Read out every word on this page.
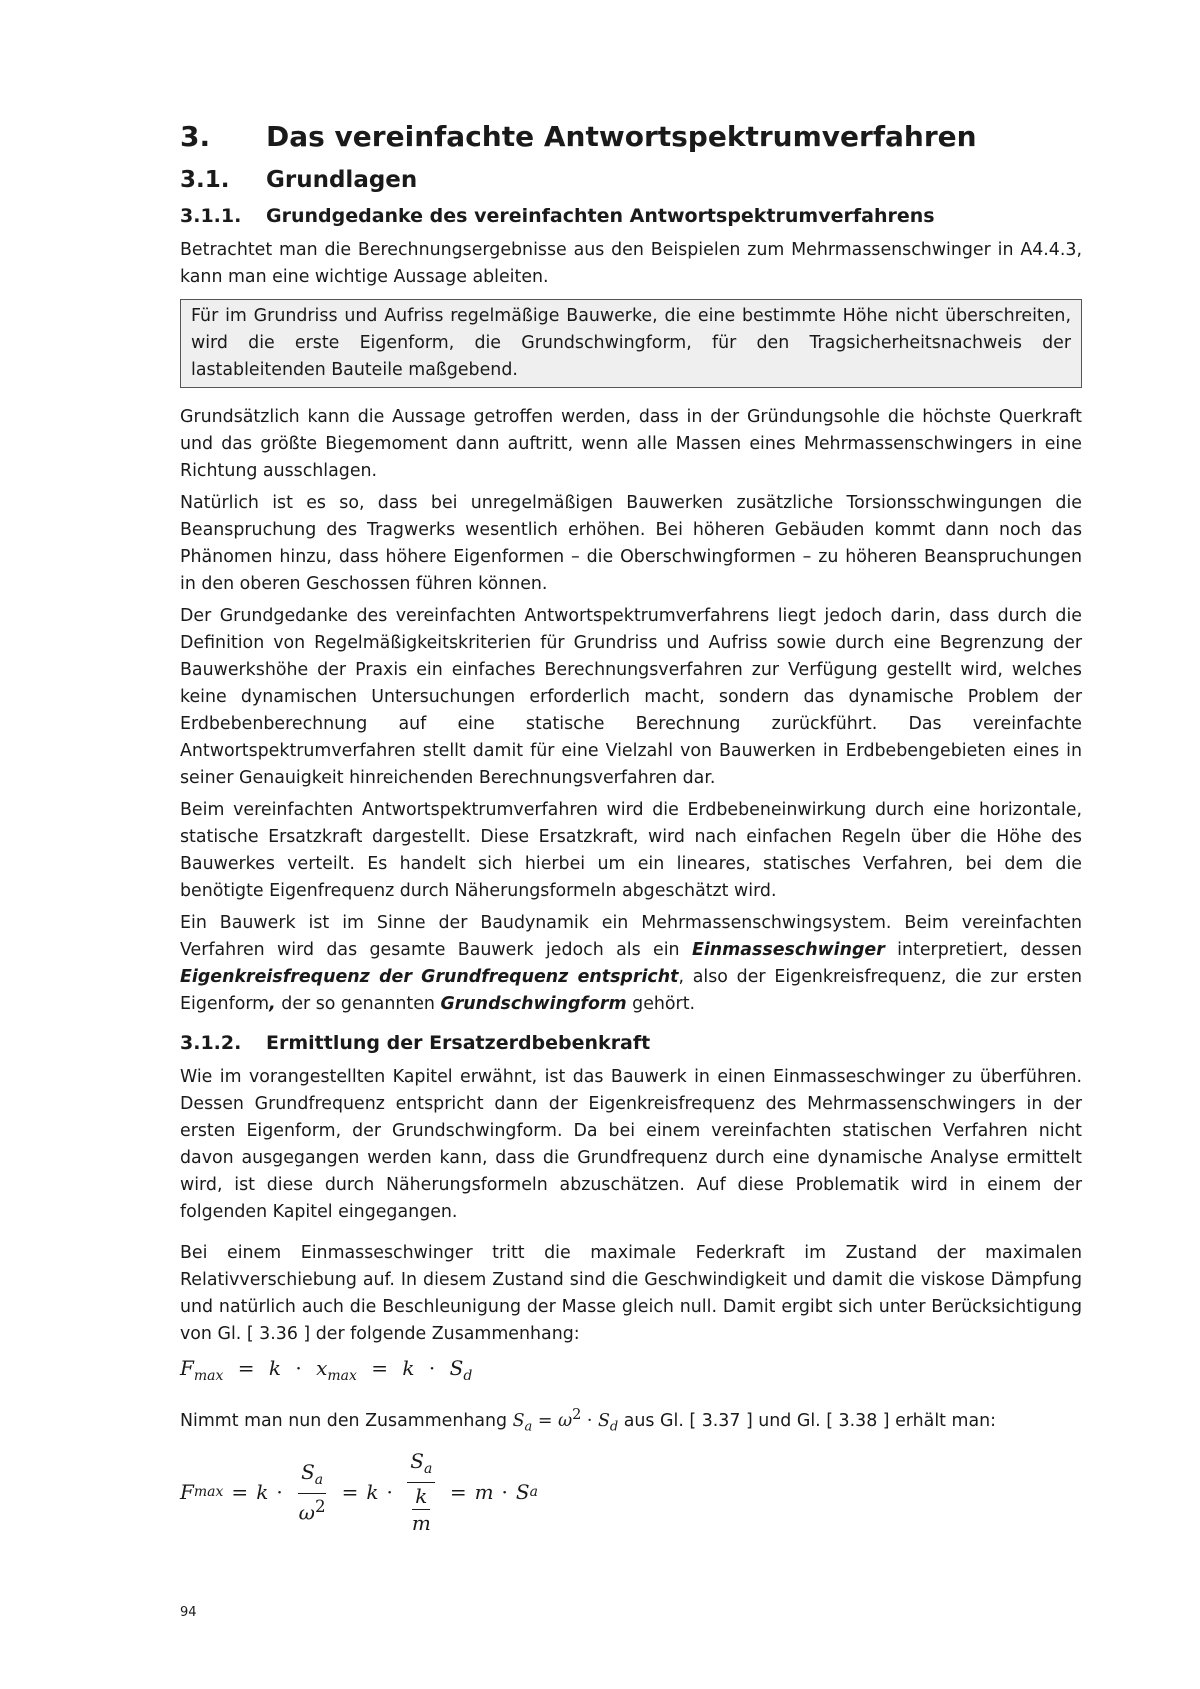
3.	Das vereinfachte Antwortspektrumverfahren
3.1.	Grundlagen
3.1.1.	Grundgedanke des vereinfachten Antwortspektrumverfahrens

Betrachtet man die Berechnungsergebnisse aus den Beispielen zum Mehrmassenschwinger in A4.4.3, kann man eine wichtige Aussage ableiten.

Für im Grundriss und Aufriss regelmäßige Bauwerke, die eine bestimmte Höhe nicht überschreiten, wird die erste Eigenform, die Grundschwingform, für den Tragsicherheitsnachweis der lastableitenden Bauteile maßgebend.

Grundsätzlich kann die Aussage getroffen werden, dass in der Gründungsohle die höchste Querkraft und das größte Biegemoment dann auftritt, wenn alle Massen eines Mehrmassenschwingers in eine Richtung ausschlagen.

Natürlich ist es so, dass bei unregelmäßigen Bauwerken zusätzliche Torsionsschwingungen die Beanspruchung des Tragwerks wesentlich erhöhen. Bei höheren Gebäuden kommt dann noch das Phänomen hinzu, dass höhere Eigenformen – die Oberschwingformen – zu höheren Beanspruchungen in den oberen Geschossen führen können.

Der Grundgedanke des vereinfachten Antwortspektrumverfahrens liegt jedoch darin, dass durch die Definition von Regelmäßigkeitskriterien für Grundriss und Aufriss sowie durch eine Begrenzung der Bauwerkshöhe der Praxis ein einfaches Berechnungsverfahren zur Verfügung gestellt wird, welches keine dynamischen Untersuchungen erforderlich macht, sondern das dynamische Problem der Erdbebenberechnung auf eine statische Berechnung zurückführt. Das vereinfachte Antwortspektrumverfahren stellt damit für eine Vielzahl von Bauwerken in Erdbebengebieten eines in seiner Genauigkeit hinreichenden Berechnungsverfahren dar.

Beim vereinfachten Antwortspektrumverfahren wird die Erdbebeneinwirkung durch eine horizontale, statische Ersatzkraft dargestellt. Diese Ersatzkraft, wird nach einfachen Regeln über die Höhe des Bauwerkes verteilt. Es handelt sich hierbei um ein lineares, statisches Verfahren, bei dem die benötigte Eigenfrequenz durch Näherungsformeln abgeschätzt wird.

Ein Bauwerk ist im Sinne der Baudynamik ein Mehrmassenschwingsystem. Beim vereinfachten Verfahren wird das gesamte Bauwerk jedoch als ein Einmasseschwinger interpretiert, dessen Eigenkreisfrequenz der Grundfrequenz entspricht, also der Eigenkreisfrequenz, die zur ersten Eigenform, der so genannten Grundschwingform gehört.

3.1.2.	Ermittlung der Ersatzerdbebenkraft

Wie im vorangestellten Kapitel erwähnt, ist das Bauwerk in einen Einmasseschwinger zu überführen. Dessen Grundfrequenz entspricht dann der Eigenkreisfrequenz des Mehrmassenschwingers in der ersten Eigenform, der Grundschwingform. Da bei einem vereinfachten statischen Verfahren nicht davon ausgegangen werden kann, dass die Grundfrequenz durch eine dynamische Analyse ermittelt wird, ist diese durch Näherungsformeln abzuschätzen. Auf diese Problematik wird in einem der folgenden Kapitel eingegangen.

Bei einem Einmasseschwinger tritt die maximale Federkraft im Zustand der maximalen Relativverschiebung auf. In diesem Zustand sind die Geschwindigkeit und damit die viskose Dämpfung und natürlich auch die Beschleunigung der Masse gleich null. Damit ergibt sich unter Berücksichtigung von Gl. [ 3.36 ] der folgende Zusammenhang:

$F_{max} = k \cdot x_{max} = k \cdot S_d$

Nimmt man nun den Zusammenhang $S_a = \omega^2 \cdot S_d$ aus Gl. [ 3.37 ] und Gl. [ 3.38 ] erhält man:

F $\max = k \cdot \frac{S_a}{\omega^2} = k \cdot \frac{S_a}{\frac{k}{m}} = m \cdot S$ a
94
